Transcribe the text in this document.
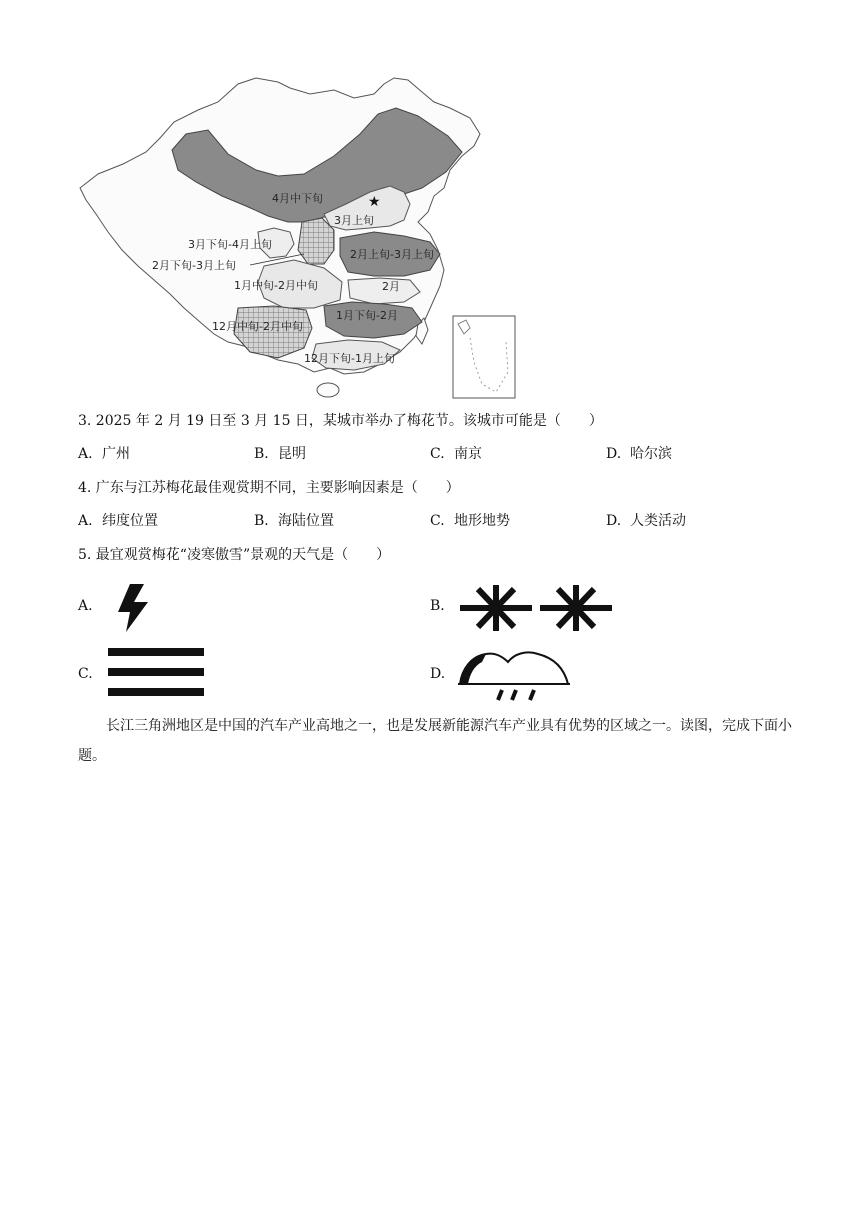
★
4月中下旬
3月上旬
3月下旬-4月上旬
2月下旬-3月上旬
2月上旬-3月上旬
1月中旬-2月中旬	2月
1月下旬-2月
12月中旬-2月中旬
12月下旬-1月上旬
3. 2025 年 2 月 19 日至 3 月 15 日，某城市举办了梅花节。该城市可能是（　　）
A. 广州	B. 昆明	C. 南京	D. 哈尔滨
4. 广东与江苏梅花最佳观赏期不同，主要影响因素是（　　）
A. 纬度位置	B. 海陆位置	C. 地形地势	D. 人类活动
5. 最宜观赏梅花“凌寒傲雪”景观的天气是（　　）
A.	B.
C.	D.
长江三角洲地区是中国的汽车产业高地之一，也是发展新能源汽车产业具有优势的区域之一。读图，完成下面小题。
